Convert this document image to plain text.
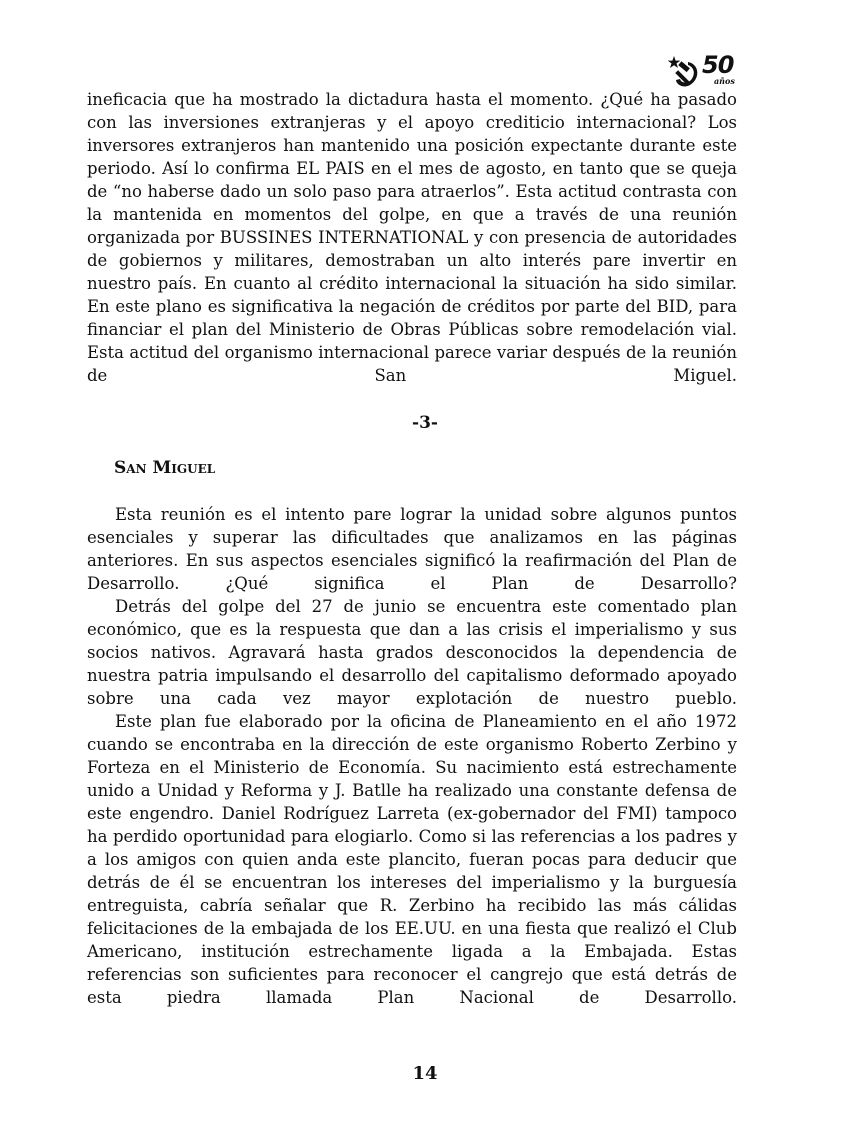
50
años

ineficacia que ha mostrado la dictadura hasta el momento. ¿Qué ha pasado con las inversiones extranjeras y el apoyo crediticio internacional? Los inversores extranjeros han mantenido una posición expectante durante este periodo. Así lo confirma EL PAIS en el mes de agosto, en tanto que se queja de “no haberse dado un solo paso para atraerlos”. Esta actitud contrasta con la mantenida en momentos del golpe, en que a través de una reunión organizada por BUSSINES INTERNATIONAL y con presencia de autoridades de gobiernos y militares, demostraban un alto interés pare invertir en nuestro país. En cuanto al crédito internacional la situación ha sido similar. En este plano es significativa la negación de créditos por parte del BID, para financiar el plan del Ministerio de Obras Públicas sobre remodelación vial. Esta actitud del organismo internacional parece variar después de la reunión de San Miguel.

-3-
San Miguel

Esta reunión es el intento pare lograr la unidad sobre algunos puntos esenciales y superar las dificultades que analizamos en las páginas anteriores. En sus aspectos esenciales significó la reafirmación del Plan de Desarrollo. ¿Qué significa el Plan de Desarrollo?

Detrás del golpe del 27 de junio se encuentra este comentado plan económico, que es la respuesta que dan a las crisis el imperialismo y sus socios nativos. Agravará hasta grados desconocidos la dependencia de nuestra patria impulsando el desarrollo del capitalismo deformado apoyado sobre una cada vez mayor explotación de nuestro pueblo.

Este plan fue elaborado por la oficina de Planeamiento en el año 1972 cuando se encontraba en la dirección de este organismo Roberto Zerbino y Forteza en el Ministerio de Economía. Su nacimiento está estrechamente unido a Unidad y Reforma y J. Batlle ha realizado una constante defensa de este engendro. Daniel Rodríguez Larreta (ex-gobernador del FMI) tampoco ha perdido oportunidad para elogiarlo. Como si las referencias a los padres y a los amigos con quien anda este plancito, fueran pocas para deducir que detrás de él se encuentran los intereses del imperialismo y la burguesía entreguista, cabría señalar que R. Zerbino ha recibido las más cálidas felicitaciones de la embajada de los EE.UU. en una fiesta que realizó el Club Americano, institución estrechamente ligada a la Embajada. Estas referencias son suficientes para reconocer el cangrejo que está detrás de esta piedra llamada Plan Nacional de Desarrollo.

14
